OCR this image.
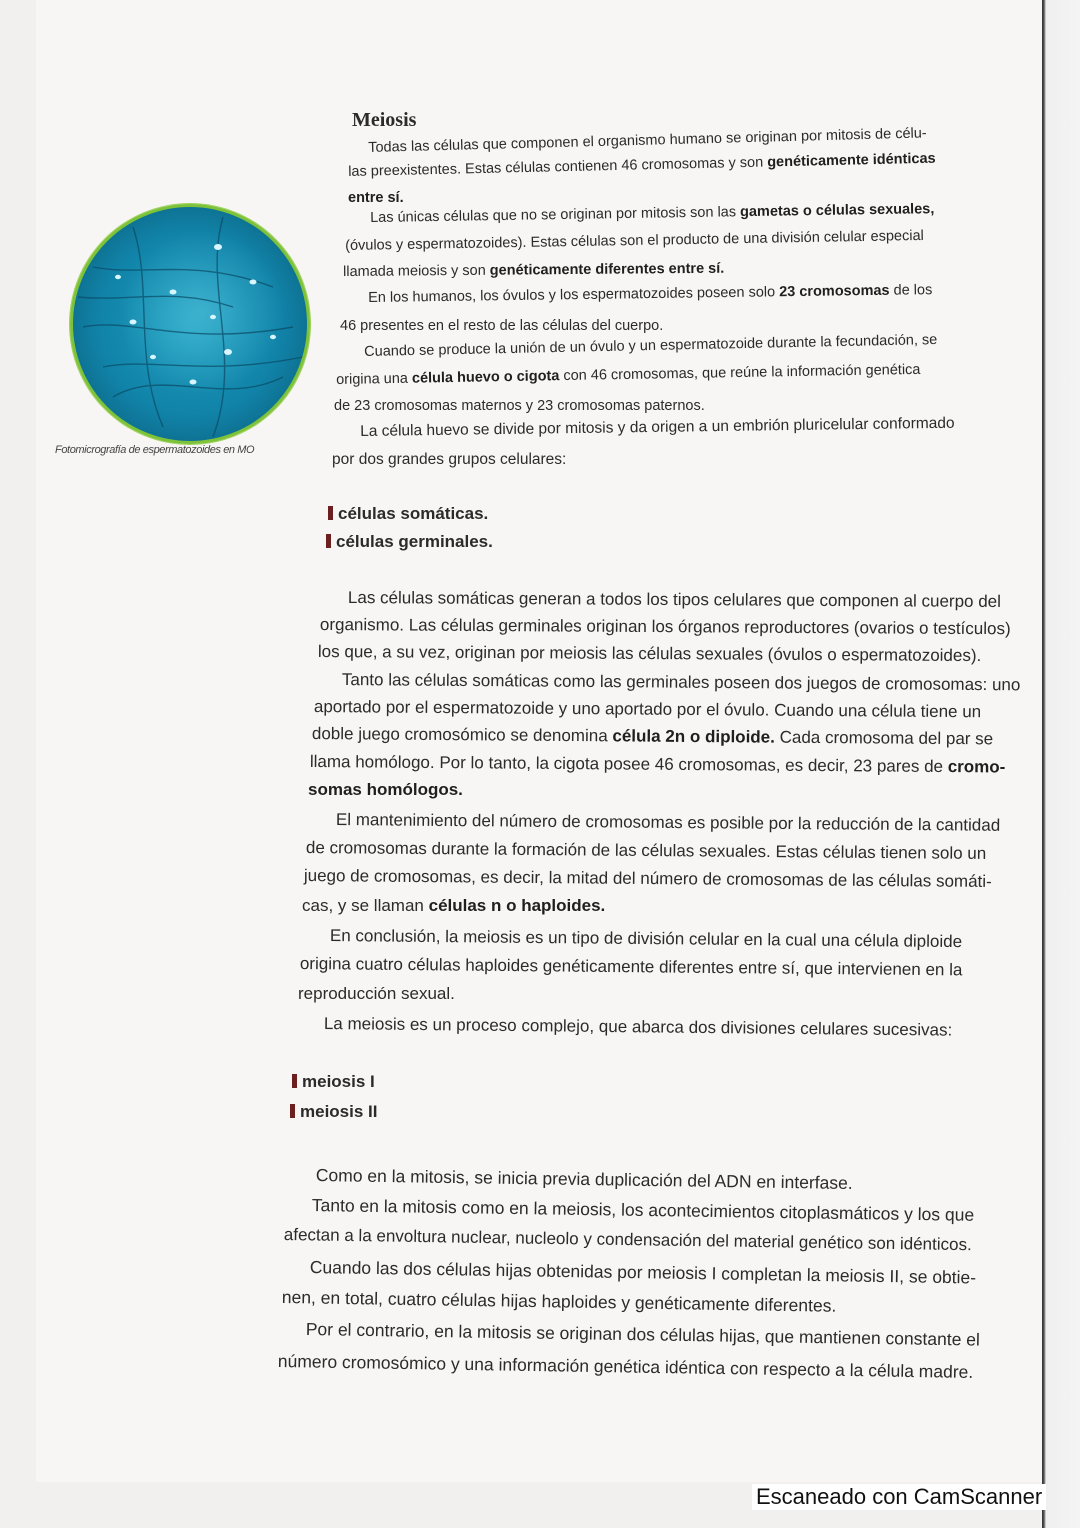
Fotomicrografía de espermatozoides en MO
Meiosis
Todas las células que componen el organismo humano se originan por mitosis de célu-
las preexistentes. Estas células contienen 46 cromosomas y son genéticamente idénticas
entre sí.
Las únicas células que no se originan por mitosis son las gametas o células sexuales,
(óvulos y espermatozoides). Estas células son el producto de una división celular especial
llamada meiosis y son genéticamente diferentes entre sí.
En los humanos, los óvulos y los espermatozoides poseen solo 23 cromosomas de los
46 presentes en el resto de las células del cuerpo.
Cuando se produce la unión de un óvulo y un espermatozoide durante la fecundación, se
origina una célula huevo o cigota con 46 cromosomas, que reúne la información genética
de 23 cromosomas maternos y 23 cromosomas paternos.
La célula huevo se divide por mitosis y da origen a un embrión pluricelular conformado
por dos grandes grupos celulares:
células somáticas.
células germinales.
Las células somáticas generan a todos los tipos celulares que componen al cuerpo del
organismo. Las células germinales originan los órganos reproductores (ovarios o testículos)
los que, a su vez, originan por meiosis las células sexuales (óvulos o espermatozoides).
Tanto las células somáticas como las germinales poseen dos juegos de cromosomas: uno
aportado por el espermatozoide y uno aportado por el óvulo. Cuando una célula tiene un
doble juego cromosómico se denomina célula 2n o diploide. Cada cromosoma del par se
llama homólogo. Por lo tanto, la cigota posee 46 cromosomas, es decir, 23 pares de cromo-
somas homólogos.
El mantenimiento del número de cromosomas es posible por la reducción de la cantidad
de cromosomas durante la formación de las células sexuales. Estas células tienen solo un
juego de cromosomas, es decir, la mitad del número de cromosomas de las células somáti-
cas, y se llaman células n o haploides.
En conclusión, la meiosis es un tipo de división celular en la cual una célula diploide
origina cuatro células haploides genéticamente diferentes entre sí, que intervienen en la
reproducción sexual.
La meiosis es un proceso complejo, que abarca dos divisiones celulares sucesivas:
meiosis I
meiosis II
Como en la mitosis, se inicia previa duplicación del ADN en interfase.
Tanto en la mitosis como en la meiosis, los acontecimientos citoplasmáticos y los que
afectan a la envoltura nuclear, nucleolo y condensación del material genético son idénticos.
Cuando las dos células hijas obtenidas por meiosis I completan la meiosis II, se obtie-
nen, en total, cuatro células hijas haploides y genéticamente diferentes.
Por el contrario, en la mitosis se originan dos células hijas, que mantienen constante el
número cromosómico y una información genética idéntica con respecto a la célula madre.
Escaneado con CamScanner
